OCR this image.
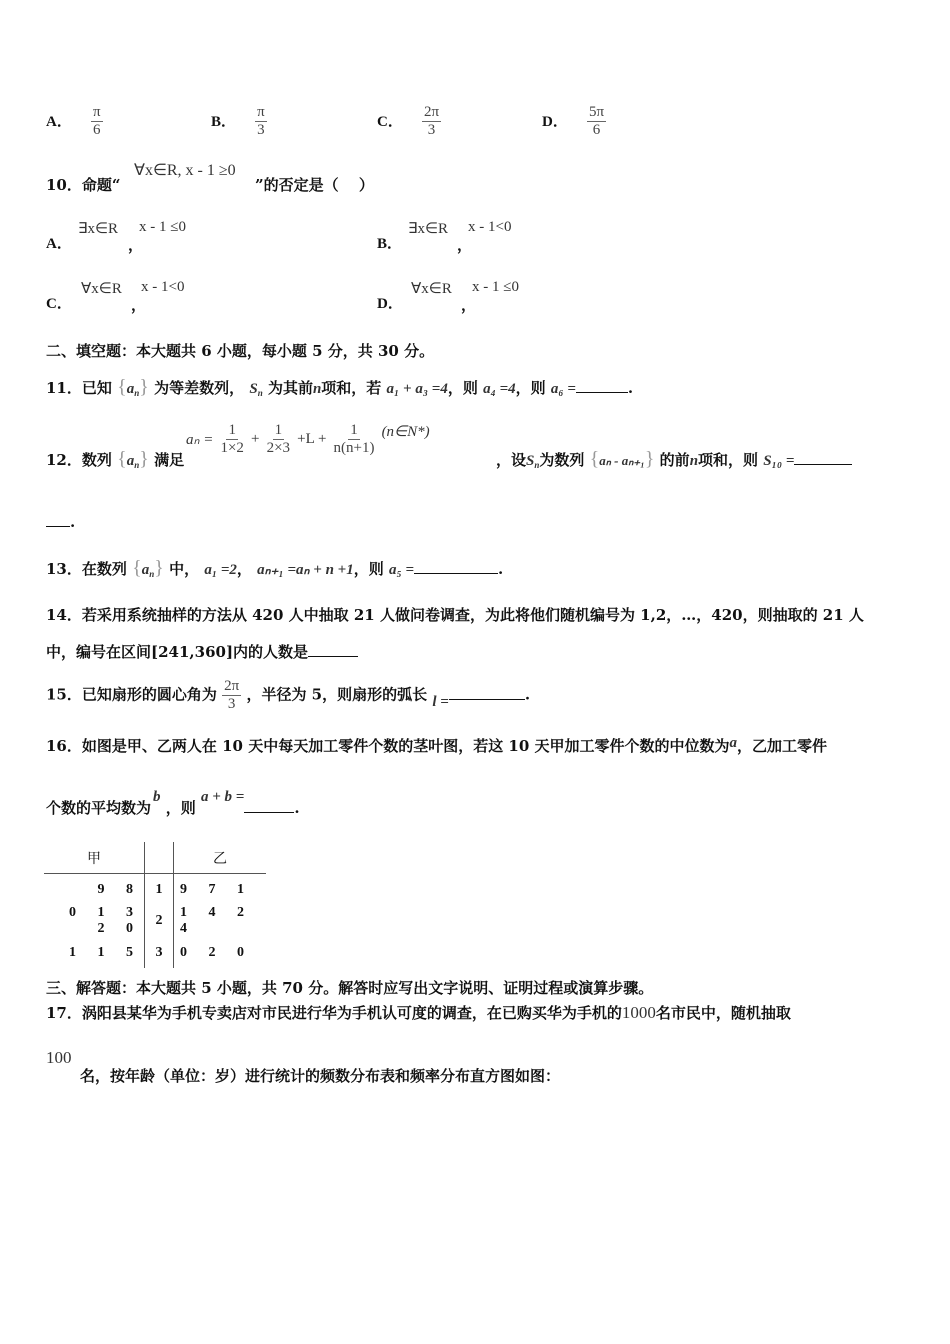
A． $\frac{\pi}{6}$	B． $\frac{\pi}{3}$	C． $\frac{2\pi}{3}$	D． $\frac{5\pi}{6}$
10．命题“
∀x∈R, x - 1 ≥0
”的否定是（　 ）
A．
∃x∈R
，
x - 1 ≤0
B．
∃x∈R
，
x - 1<0
C．
∀x∈R
，
x - 1<0
D．
∀x∈R
，
x - 1 ≤0
二、填空题：本大题共 6 小题，每小题 5 分，共 30 分。
11．已知 $\{a_n\}$ 为等差数列， $S_n$ 为其前n项和，若 a₁ + a₃ =4，则 a₄ =4，则 a₆ =	.
12．数列 $\{a_n\}$ 满足
$a_n = \frac{1}{1\times 2} + \frac{1}{2\times 3} +L + \frac{1}{n(n+1)}$ (n∈N*)
，设$S_n$为数列 {aₙ - aₙ₊₁} 的前n项和，则 S₁₀ =
.
13．在数列 $\{a_n\}$ 中， a₁ =2， aₙ₊₁ =aₙ + n +1，则 a₅ =	.
14．若采用系统抽样的方法从 420 人中抽取 21 人做问卷调查，为此将他们随机编号为 1,2，…，420，则抽取的 21 人
中，编号在区间[241,360]内的人数是
15．已知扇形的圆心角为 $\frac{2\pi}{3}$ ，半径为 5，则扇形的弧长 l =	.
16．如图是甲、乙两人在 10 天中每天加工零件个数的茎叶图，若这 10 天甲加工零件个数的中位数为a，乙加工零件
个数的平均数为b ，则 a + b =.
甲		乙
9 8	1	9 7 1
0 1 3 2 0	2	1 4 2 4
1 1 5	3	0 2 0
三、解答题：本大题共 5 小题，共 70 分。解答时应写出文字说明、证明过程或演算步骤。
17．涡阳县某华为手机专卖店对市民进行华为手机认可度的调查，在已购买华为手机的1000名市民中，随机抽取
100
名，按年龄（单位：岁）进行统计的频数分布表和频率分布直方图如图：
